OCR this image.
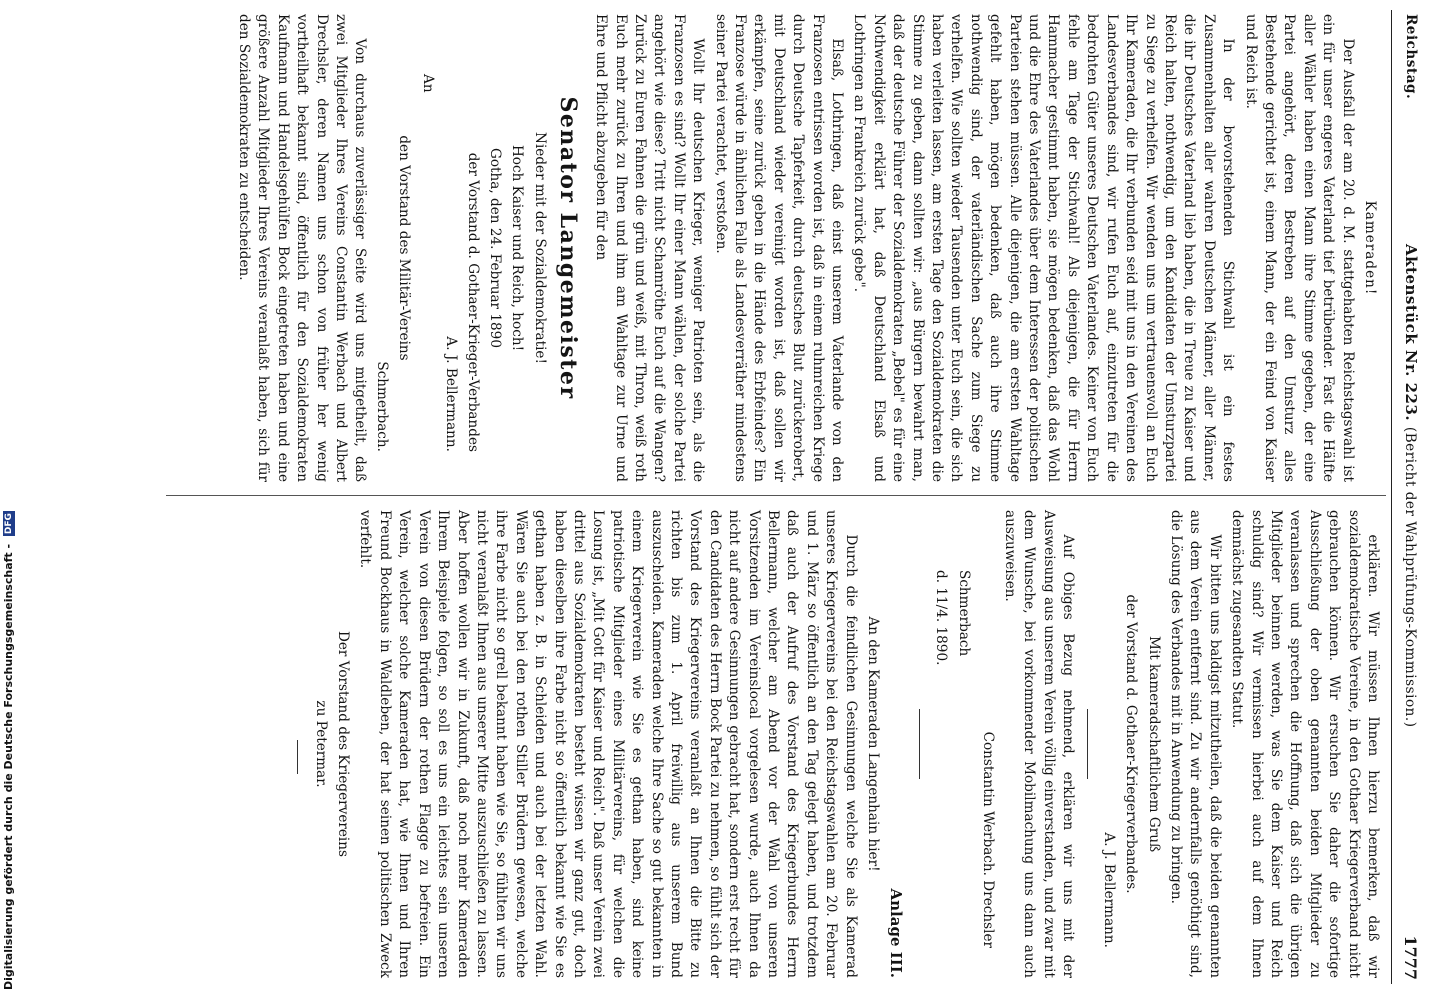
Digitalisierung gefördert durch die Deutsche Forschungsgemeinschaft - DFG
Reichstag.
Aktenstück Nr. 223. (Bericht der Wahlprüfungs-Kommission.)
1777

Kameraden!

Der Ausfall der am 20. d. M. stattgehabten Reichstagswahl ist ein für unser engeres Vaterland tief betrübender. Fast die Hälfte aller Wähler haben einen Mann ihre Stimme gegeben, der eine Partei angehört, deren Bestreben auf den Umsturz alles Bestehende gerichtet ist, einem Mann, der ein Feind von Kaiser und Reich ist.

In der bevorstehenden Stichwahl ist ein festes Zusammenhalten aller wahren Deutschen Männer, aller Männer, die ihr Deutsches Vaterland lieb haben, die in Treue zu Kaiser und Reich halten, nothwendig, um den Kandidaten der Umsturzpartei zu Siege zu verhelfen. Wir wenden uns um vertrauensvoll an Euch Ihr Kameraden, die Ihr verbunden seid mit uns in den Vereinen des Landesverbandes sind, wir rufen Euch auf, einzutreten für die bedrohten Güter unseres Deutschen Vaterlandes. Keiner von Euch fehle am Tage der Stichwahl! Als diejenigen, die für Herrn Hammacher gestimmt haben, sie mögen bedenken, daß das Wohl und die Ehre des Vaterlandes über dem Interessen der politischen Parteien stehen müssen. Alle diejenigen, die am ersten Wahltage gefehlt haben, mögen bedenken, daß auch ihre Stimme nothwendig sind, der vaterländischen Sache zum Siege zu verhelfen. Wie sollten wieder Tausenden unter Euch sein, die sich haben verleiten lassen, am ersten Tage den Sozialdemokraten die Stimme zu geben, dann sollten wir: „aus Bürgern bewahrt man, daß der deutsche Führer der Sozialdemokraten „Bebel" es für eine Nothwendigkeit erklärt hat, daß Deutschland Elsaß und Lothringen an Frankreich zurück gebe".

Elsaß, Lothringen, daß einst unserem Vaterlande von den Franzosen entrissen worden ist, daß in einem ruhmreichen Kriege durch Deutsche Tapferkeit, durch deutsches Blut zurückerobert, mit Deutschland wieder vereinigt worden ist, daß sollen wir erkämpfen, seine zurück geben in die Hände des Erbfeindes? Ein Franzose würde in ähnlichen Falle als Landesverräther mindestens seiner Partei verachtet, verstoßen.

Wollt Ihr deutschen Krieger, weniger Patrioten sein, als die Franzosen es sind? Wollt Ihr einer Mann wählen, der solche Partei angehört wie diese? Tritt nicht Schamröthe Euch auf die Wangen? Zurück zu Euren Fahnen die grün und weiß, mit Thron, weiß roth Euch mehr zurück zu Ihren und ihm am Wahltage zur Urne und Ehre und Pflicht abzugeben für den

Senator Langemeister

Nieder mit der Sozialdemokratie!

Hoch Kaiser und Reich, hoch!

Gotha, den 24. Februar 1890

der Vorstand d. Gothaer-Krieger-Verbandes

A. J. Bellermann.

An

den Vorstand des Militär-Vereins

Schmerbach.

Von durchaus zuverlässiger Seite wird uns mitgetheilt, daß zwei Mitglieder Ihres Vereins Constantin Werbach und Albert Drechsler, deren Namen uns schon von früher her wenig vortheilhaft bekannt sind, öffentlich für den Sozialdemokraten Kaufmann und Handelsgehülfen Bock eingetreten haben und eine größere Anzahl Mitglieder Ihres Vereins veranlaßt haben, sich für den Sozialdemokraten zu entscheiden.

erklären. Wir müssen Ihnen hierzu bemerken, daß wir sozialdemokratische Vereine, in den Gothaer Kriegerverband nicht gebrauchen können. Wir ersuchen Sie daher die sofortige Ausschließung der oben genannten beiden Mitglieder zu veranlassen und sprechen die Hoffnung, daß sich die übrigen Mitglieder beinnen werden, was Sie dem Kaiser und Reich schuldig sind? Wir vermissen hierbei auch auf dem Ihnen demnächst zugesandten Statut.

Wir bitten uns baldigst mitzutheilen, daß die beiden genannten aus dem Verein entfernt sind. Zu wir andernfalls genöthigt sind, die Lösung des Verbandes mit in Anwendung zu bringen.

Mit kameradschaftlichem Gruß

der Vorstand d. Gothaer-Kriegerverbandes.

A. J. Bellermann.

Auf Obiges Bezug nehmend, erklären wir uns mit der Ausweisung aus unserem Verein völlig einverstanden, und zwar mit dem Wunsche, bei vorkommender Mobilmachung uns dann auch auszuweisen.

Constantin Werbach. Drechsler

Schmerbach

d. 11/4. 1890.

Anlage III.

An den Kameraden Langenhain hier!

Durch die feindlichen Gesinnungen welche Sie als Kamerad unseres Kriegervereins bei den Reichstagswahlen am 20. Februar und 1. März so öffentlich an den Tag gelegt haben, und trotzdem daß auch der Aufruf des Vorstand des Kriegerbundes Herrn Bellermann, welcher am Abend vor der Wahl von unseren Vorsitzenden im Vereinslocal vorgelesen wurde, auch Ihnen da nicht auf andere Gesinnungen gebracht hat, sondern erst recht für den Candidaten des Herrn Bock Partei zu nehmen, so fühlt sich der Vorstand des Kriegervereins veranlaßt an Ihnen die Bitte zu richten bis zum 1. April freiwillig aus unserem Bund auszuscheiden. Kameraden welche Ihre Sache so gut bekannten in einem Kriegerverein wie Sie es gethan haben, sind keine patriotische Mitglieder eines Militärvereins, für welchen die Losung ist, „Mit Gott für Kaiser und Reich". Daß unser Verein zwei drittel aus Sozialdemokraten besteht wissen wir ganz gut, doch haben dieselben ihre Farbe nicht so öffentlich bekannt wie Sie es gethan haben z. B. in Schleiden und auch bei der letzten Wahl. Wären Sie auch bei den rothen Stiller Brüdern gewesen, welche ihre Farbe nicht so grell bekannt haben wie Sie, so fühlten wir uns nicht veranlaßt Ihnen aus unserer Mitte auszuschließen zu lassen. Aber hoffen wollen wir in Zukunft, daß noch mehr Kameraden Ihrem Beispiele folgen, so soll es uns ein leichtes sein unseren Verein von diesen Brüdern der rothen Flagge zu befreien. Ein Verein, welcher solche Kameraden hat, wie Ihnen und Ihren Freund Bockhaus in Waldleben, der hat seinen politischen Zweck verfehlt.

Der Vorstand des Kriegervereins

zu Petermar.
